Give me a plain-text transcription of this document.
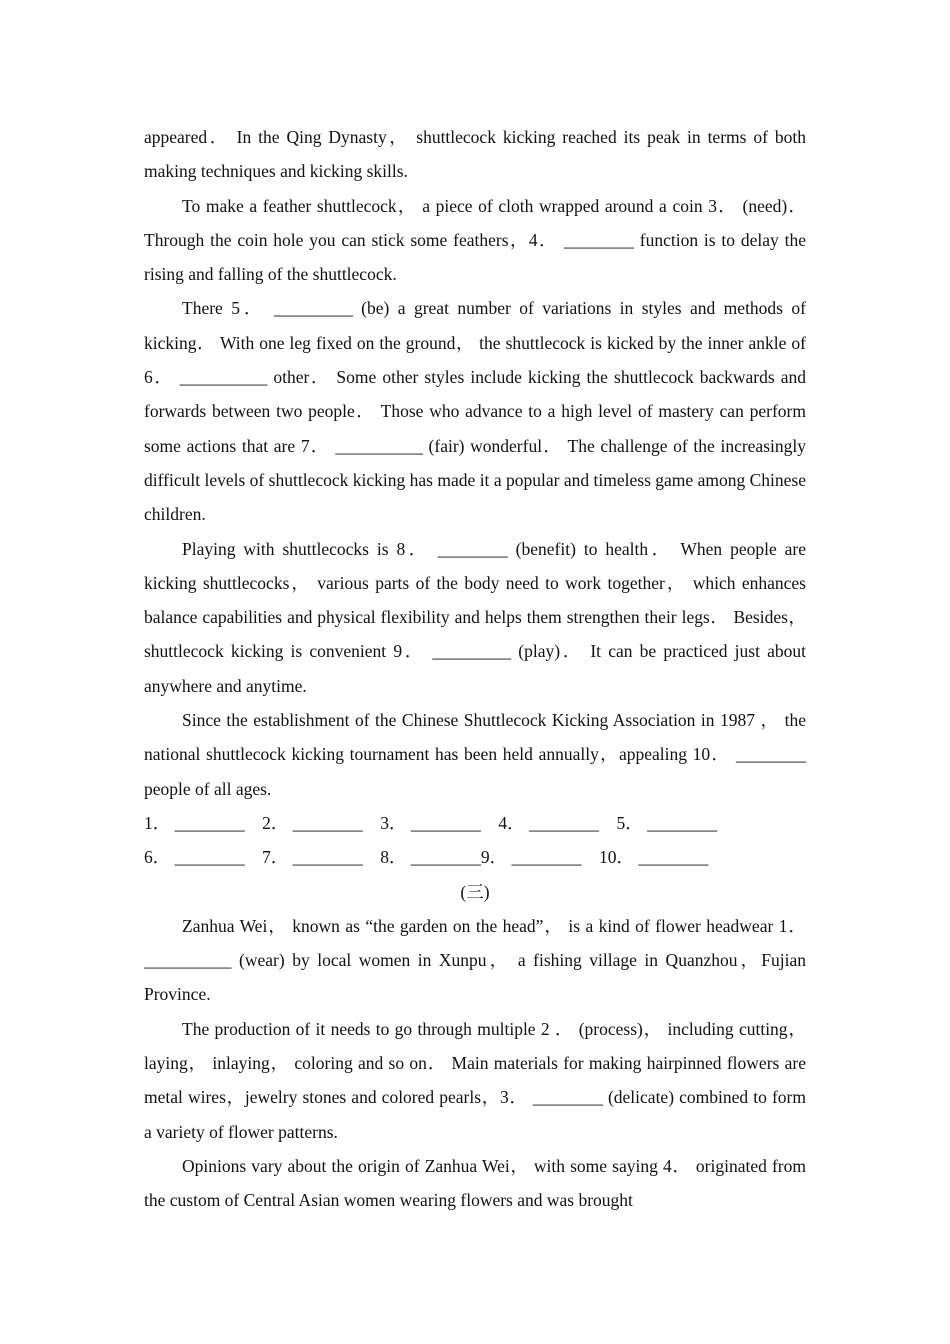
appeared． In the Qing Dynasty， shuttlecock kicking reached its peak in terms of both making techniques and kicking skills.

To make a feather shuttlecock， a piece of cloth wrapped around a coin 3． (need)． Through the coin hole you can stick some feathers，4． ________ function is to delay the rising and falling of the shuttlecock.

There 5． _________ (be) a great number of variations in styles and methods of kicking． With one leg fixed on the ground， the shuttlecock is kicked by the inner ankle of 6． __________ other． Some other styles include kicking the shuttlecock backwards and forwards between two people． Those who advance to a high level of mastery can perform some actions that are 7． __________ (fair) wonderful． The challenge of the increasingly difficult levels of shuttlecock kicking has made it a popular and timeless game among Chinese children.

Playing with shuttlecocks is 8． ________ (benefit) to health． When people are kicking shuttlecocks， various parts of the body need to work together， which enhances balance capabilities and physical flexibility and helps them strengthen their legs． Besides，shuttlecock kicking is convenient 9． _________ (play)． It can be practiced just about anywhere and anytime.

Since the establishment of the Chinese Shuttlecock Kicking Association in 1987 ， the national shuttlecock kicking tournament has been held annually，appealing 10． ________ people of all ages.

1． ________    2． ________    3． ________    4． ________    5． ________

6． ________    7． ________    8． ________9． ________    10． ________

(三)

Zanhua Wei， known as “the garden on the head”， is a kind of flower headwear 1． __________ (wear) by local women in Xunpu， a fishing village in Quanzhou，Fujian Province.

The production of it needs to go through multiple 2 ． (process)， including cutting， laying， inlaying， coloring and so on． Main materials for making hairpinned flowers are metal wires，jewelry stones and colored pearls，3． ________ (delicate) combined to form a variety of flower patterns.

Opinions vary about the origin of Zanhua Wei， with some saying 4． originated from the custom of Central Asian women wearing flowers and was brought
